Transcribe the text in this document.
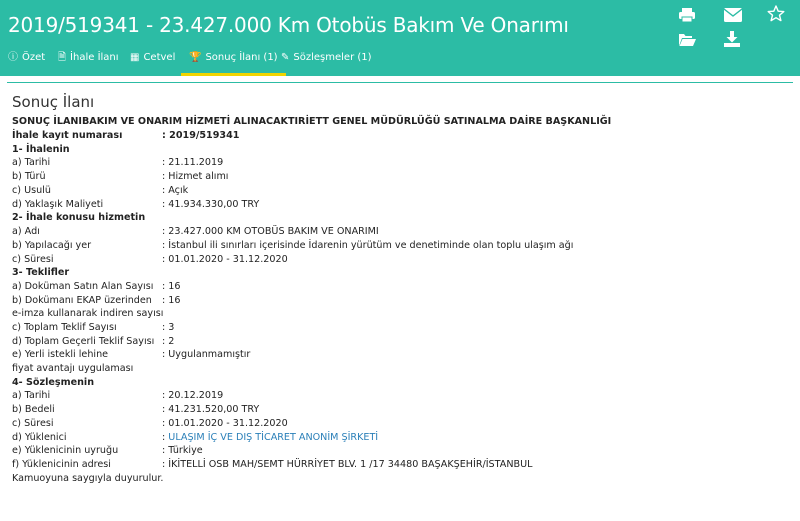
2019/519341 - 23.427.000 Km Otobüs Bakım Ve Onarımı
ⓘ Özet 🗎 İhale İlanı ▦ Cetvel	🏆 Sonuç İlanı (1) ✎ Sözleşmeler (1)
Sonuç İlanı
SONUÇ İLANIBAKIM VE ONARIM HİZMETİ ALINACAKTIRİETT GENEL MÜDÜRLÜĞÜ SATINALMA DAİRE BAŞKANLIĞI
İhale kayıt numarası	: 2019/519341
1- İhalenin
a) Tarihi	: 21.11.2019
b) Türü	: Hizmet alımı
c) Usulü	: Açık
d) Yaklaşık Maliyeti	: 41.934.330,00 TRY
2- İhale konusu hizmetin
a) Adı	: 23.427.000 KM OTOBÜS BAKIM VE ONARIMI
b) Yapılacağı yer	: İstanbul ili sınırları içerisinde İdarenin yürütüm ve denetiminde olan toplu ulaşım ağı
c) Süresi	: 01.01.2020 - 31.12.2020
3- Teklifler
a) Doküman Satın Alan Sayısı : 16
b) Dokümanı EKAP üzerinden : 16
e-imza kullanarak indiren sayısı
c) Toplam Teklif Sayısı	: 3
d) Toplam Geçerli Teklif Sayısı : 2
e) Yerli istekli lehine	: Uygulanmamıştır
fiyat avantajı uygulaması
4- Sözleşmenin
a) Tarihi	: 20.12.2019
b) Bedeli	: 41.231.520,00 TRY
c) Süresi	: 01.01.2020 - 31.12.2020
d) Yüklenici	: ULAŞIM İÇ VE DIŞ TİCARET ANONİM ŞİRKETİ
e) Yüklenicinin uyruğu	: Türkiye
f) Yüklenicinin adresi	: İKİTELLİ OSB MAH/SEMT HÜRRİYET BLV. 1 /17 34480 BAŞAKŞEHİR/İSTANBUL
Kamuoyuna saygıyla duyurulur.
